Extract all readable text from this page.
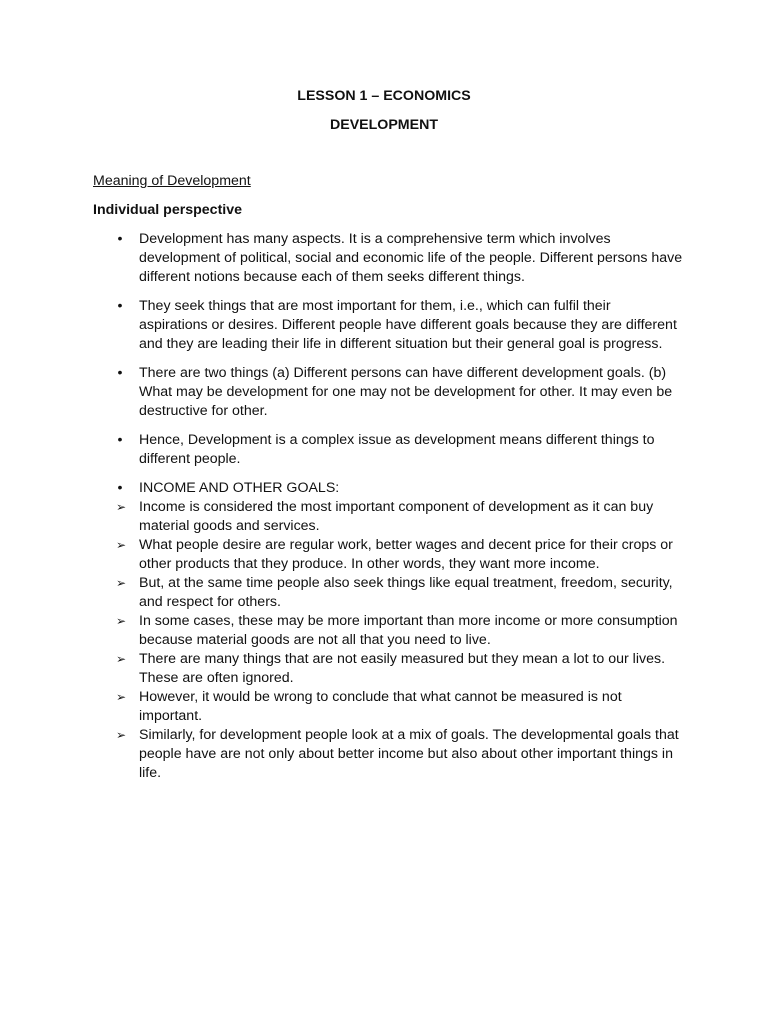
LESSON 1 – ECONOMICS
DEVELOPMENT
Meaning of Development
Individual perspective
• Development has many aspects. It is a comprehensive term which involves development of political, social and economic life of the people. Different persons have different notions because each of them seeks different things.
• They seek things that are most important for them, i.e., which can fulfil their aspirations or desires. Different people have different goals because they are different and they are leading their life in different situation but their general goal is progress.
• There are two things (a) Different persons can have different development goals. (b) What may be development for one may not be development for other. It may even be destructive for other.
• Hence, Development is a complex issue as development means different things to different people.
• INCOME AND OTHER GOALS:
➢ Income is considered the most important component of development as it can buy material goods and services.
➢ What people desire are regular work, better wages and decent price for their crops or other products that they produce. In other words, they want more income.
➢ But, at the same time people also seek things like equal treatment, freedom, security, and respect for others.
➢ In some cases, these may be more important than more income or more consumption because material goods are not all that you need to live.
➢ There are many things that are not easily measured but they mean a lot to our lives. These are often ignored.
➢ However, it would be wrong to conclude that what cannot be measured is not important.
➢ Similarly, for development people look at a mix of goals. The developmental goals that people have are not only about better income but also about other important things in life.
